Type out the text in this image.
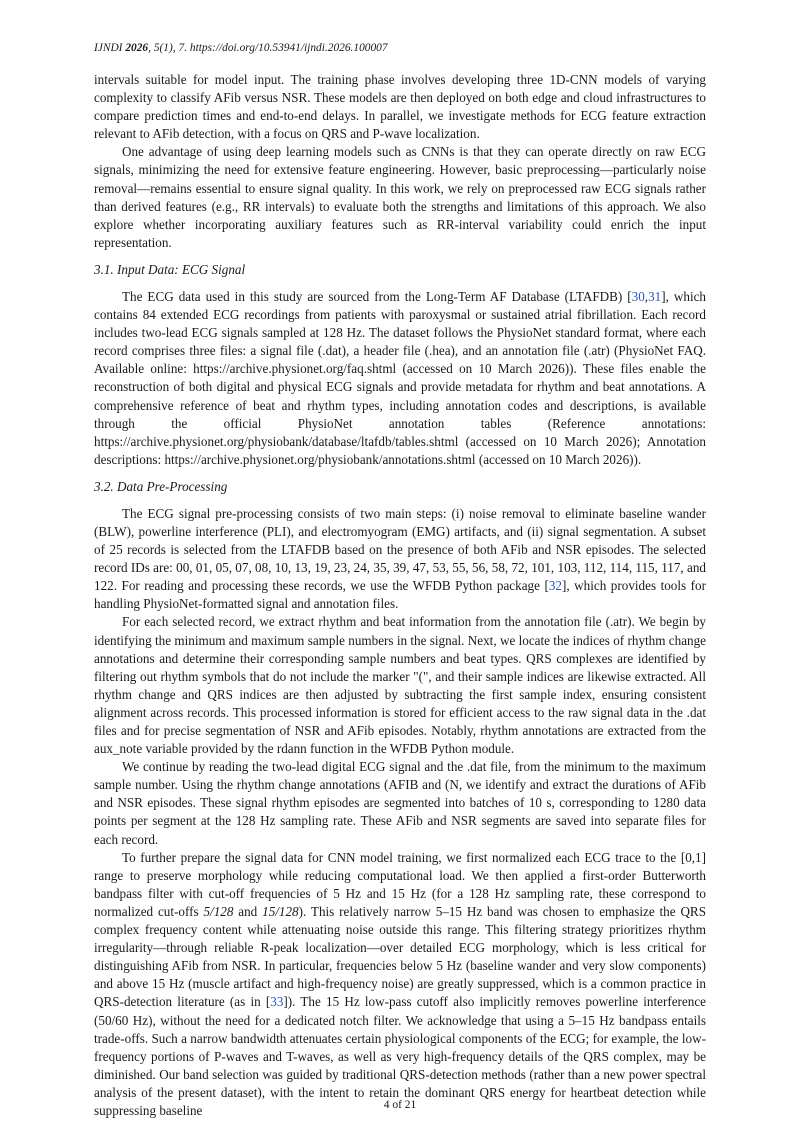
IJNDI 2026, 5(1), 7. https://doi.org/10.53941/ijndi.2026.100007

intervals suitable for model input. The training phase involves developing three 1D-CNN models of varying complexity to classify AFib versus NSR. These models are then deployed on both edge and cloud infrastructures to compare prediction times and end-to-end delays. In parallel, we investigate methods for ECG feature extraction relevant to AFib detection, with a focus on QRS and P-wave localization.

One advantage of using deep learning models such as CNNs is that they can operate directly on raw ECG signals, minimizing the need for extensive feature engineering. However, basic preprocessing—particularly noise removal—remains essential to ensure signal quality. In this work, we rely on preprocessed raw ECG signals rather than derived features (e.g., RR intervals) to evaluate both the strengths and limitations of this approach. We also explore whether incorporating auxiliary features such as RR-interval variability could enrich the input representation.

3.1. Input Data: ECG Signal

The ECG data used in this study are sourced from the Long-Term AF Database (LTAFDB) [30,31], which contains 84 extended ECG recordings from patients with paroxysmal or sustained atrial fibrillation. Each record includes two-lead ECG signals sampled at 128 Hz. The dataset follows the PhysioNet standard format, where each record comprises three files: a signal file (.dat), a header file (.hea), and an annotation file (.atr) (PhysioNet FAQ. Available online: https://archive.physionet.org/faq.shtml (accessed on 10 March 2026)). These files enable the reconstruction of both digital and physical ECG signals and provide metadata for rhythm and beat annotations. A comprehensive reference of beat and rhythm types, including annotation codes and descriptions, is available through the official PhysioNet annotation tables (Reference annotations: https://archive.physionet.org/physiobank/database/ltafdb/tables.shtml (accessed on 10 March 2026); Annotation descriptions: https://archive.physionet.org/physiobank/annotations.shtml (accessed on 10 March 2026)).

3.2. Data Pre-Processing

The ECG signal pre-processing consists of two main steps: (i) noise removal to eliminate baseline wander (BLW), powerline interference (PLI), and electromyogram (EMG) artifacts, and (ii) signal segmentation. A subset of 25 records is selected from the LTAFDB based on the presence of both AFib and NSR episodes. The selected record IDs are: 00, 01, 05, 07, 08, 10, 13, 19, 23, 24, 35, 39, 47, 53, 55, 56, 58, 72, 101, 103, 112, 114, 115, 117, and 122. For reading and processing these records, we use the WFDB Python package [32], which provides tools for handling PhysioNet-formatted signal and annotation files.

For each selected record, we extract rhythm and beat information from the annotation file (.atr). We begin by identifying the minimum and maximum sample numbers in the signal. Next, we locate the indices of rhythm change annotations and determine their corresponding sample numbers and beat types. QRS complexes are identified by filtering out rhythm symbols that do not include the marker "(", and their sample indices are likewise extracted. All rhythm change and QRS indices are then adjusted by subtracting the first sample index, ensuring consistent alignment across records. This processed information is stored for efficient access to the raw signal data in the .dat files and for precise segmentation of NSR and AFib episodes. Notably, rhythm annotations are extracted from the aux_note variable provided by the rdann function in the WFDB Python module.

We continue by reading the two-lead digital ECG signal and the .dat file, from the minimum to the maximum sample number. Using the rhythm change annotations (AFIB and (N, we identify and extract the durations of AFib and NSR episodes. These signal rhythm episodes are segmented into batches of 10 s, corresponding to 1280 data points per segment at the 128 Hz sampling rate. These AFib and NSR segments are saved into separate files for each record.

To further prepare the signal data for CNN model training, we first normalized each ECG trace to the [0,1] range to preserve morphology while reducing computational load. We then applied a first-order Butterworth bandpass filter with cut-off frequencies of 5 Hz and 15 Hz (for a 128 Hz sampling rate, these correspond to normalized cut-offs 5/128 and 15/128). This relatively narrow 5–15 Hz band was chosen to emphasize the QRS complex frequency content while attenuating noise outside this range. This filtering strategy prioritizes rhythm irregularity—through reliable R-peak localization—over detailed ECG morphology, which is less critical for distinguishing AFib from NSR. In particular, frequencies below 5 Hz (baseline wander and very slow components) and above 15 Hz (muscle artifact and high-frequency noise) are greatly suppressed, which is a common practice in QRS-detection literature (as in [33]). The 15 Hz low-pass cutoff also implicitly removes powerline interference (50/60 Hz), without the need for a dedicated notch filter. We acknowledge that using a 5–15 Hz bandpass entails trade-offs. Such a narrow bandwidth attenuates certain physiological components of the ECG; for example, the low-frequency portions of P-waves and T-waves, as well as very high-frequency details of the QRS complex, may be diminished. Our band selection was guided by traditional QRS-detection methods (rather than a new power spectral analysis of the present dataset), with the intent to retain the dominant QRS energy for heartbeat detection while suppressing baseline	4 of 21
